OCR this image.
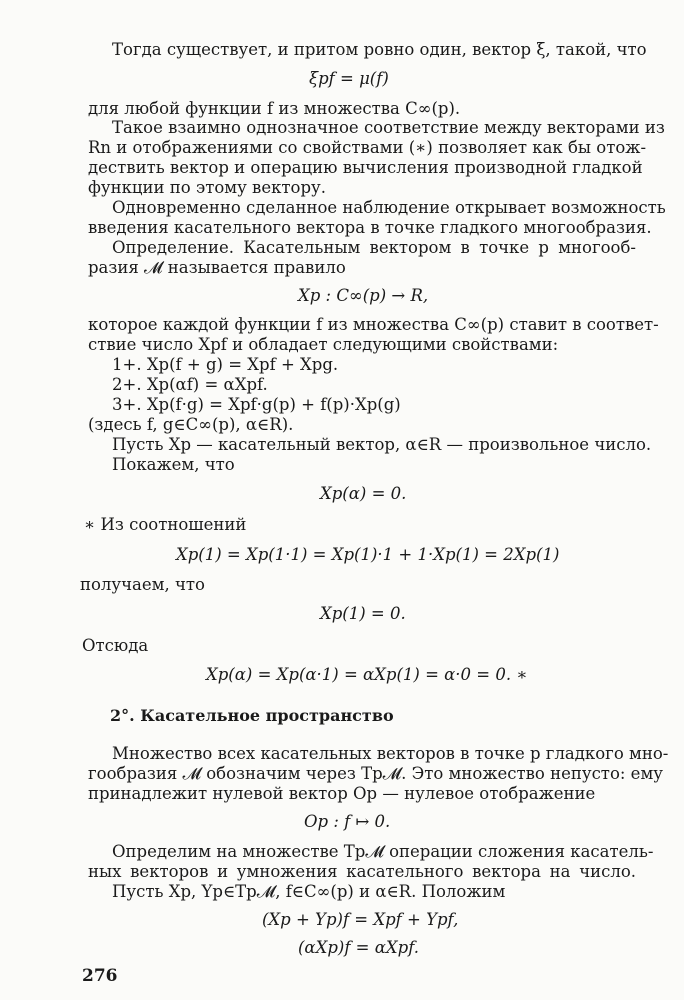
Тогда существует, и притом ровно один, вектор ξ, такой, что
ξpf = μ(f)
для любой функции f из множества C∞(p).
Такое взаимно однозначное соответствие между векторами из
Rn и отображениями со свойствами (∗) позволяет как бы отож-
дествить вектор и операцию вычисления производной гладкой
функции по этому вектору.
Одновременно сделанное наблюдение открывает возможность
введения касательного вектора в точке гладкого многообразия.
Определение. Касательным вектором в точке p многооб-
разия 𝓜 называется правило
Xp : C∞(p) → R,
которое каждой функции f из множества C∞(p) ставит в соответ-
ствие число Xpf и обладает следующими свойствами:
1+. Xp(f + g) = Xpf + Xpg.
2+. Xp(αf) = αXpf.
3+. Xp(f·g) = Xpf·g(p) + f(p)·Xp(g)
(здесь f, g∈C∞(p), α∈R).
Пусть Xp — касательный вектор, α∈R — произвольное число.
Покажем, что
Xp(α) = 0.
∗ Из соотношений
Xp(1) = Xp(1·1) = Xp(1)·1 + 1·Xp(1) = 2Xp(1)
получаем, что
Xp(1) = 0.
Отсюда
Xp(α) = Xp(α·1) = αXp(1) = α·0 = 0. ∗
2°. Касательное пространство
Множество всех касательных векторов в точке p гладкого мно-
гообразия 𝓜 обозначим через Tp𝓜. Это множество непусто: ему
принадлежит нулевой вектор Op — нулевое отображение
Op : f ↦ 0.
Определим на множестве Tp𝓜 операции сложения касатель-
ных векторов и умножения касательного вектора на число.
Пусть Xp, Yp∈Tp𝓜, f∈C∞(p) и α∈R. Положим
(Xp + Yp)f = Xpf + Ypf,
(αXp)f = αXpf.
276
